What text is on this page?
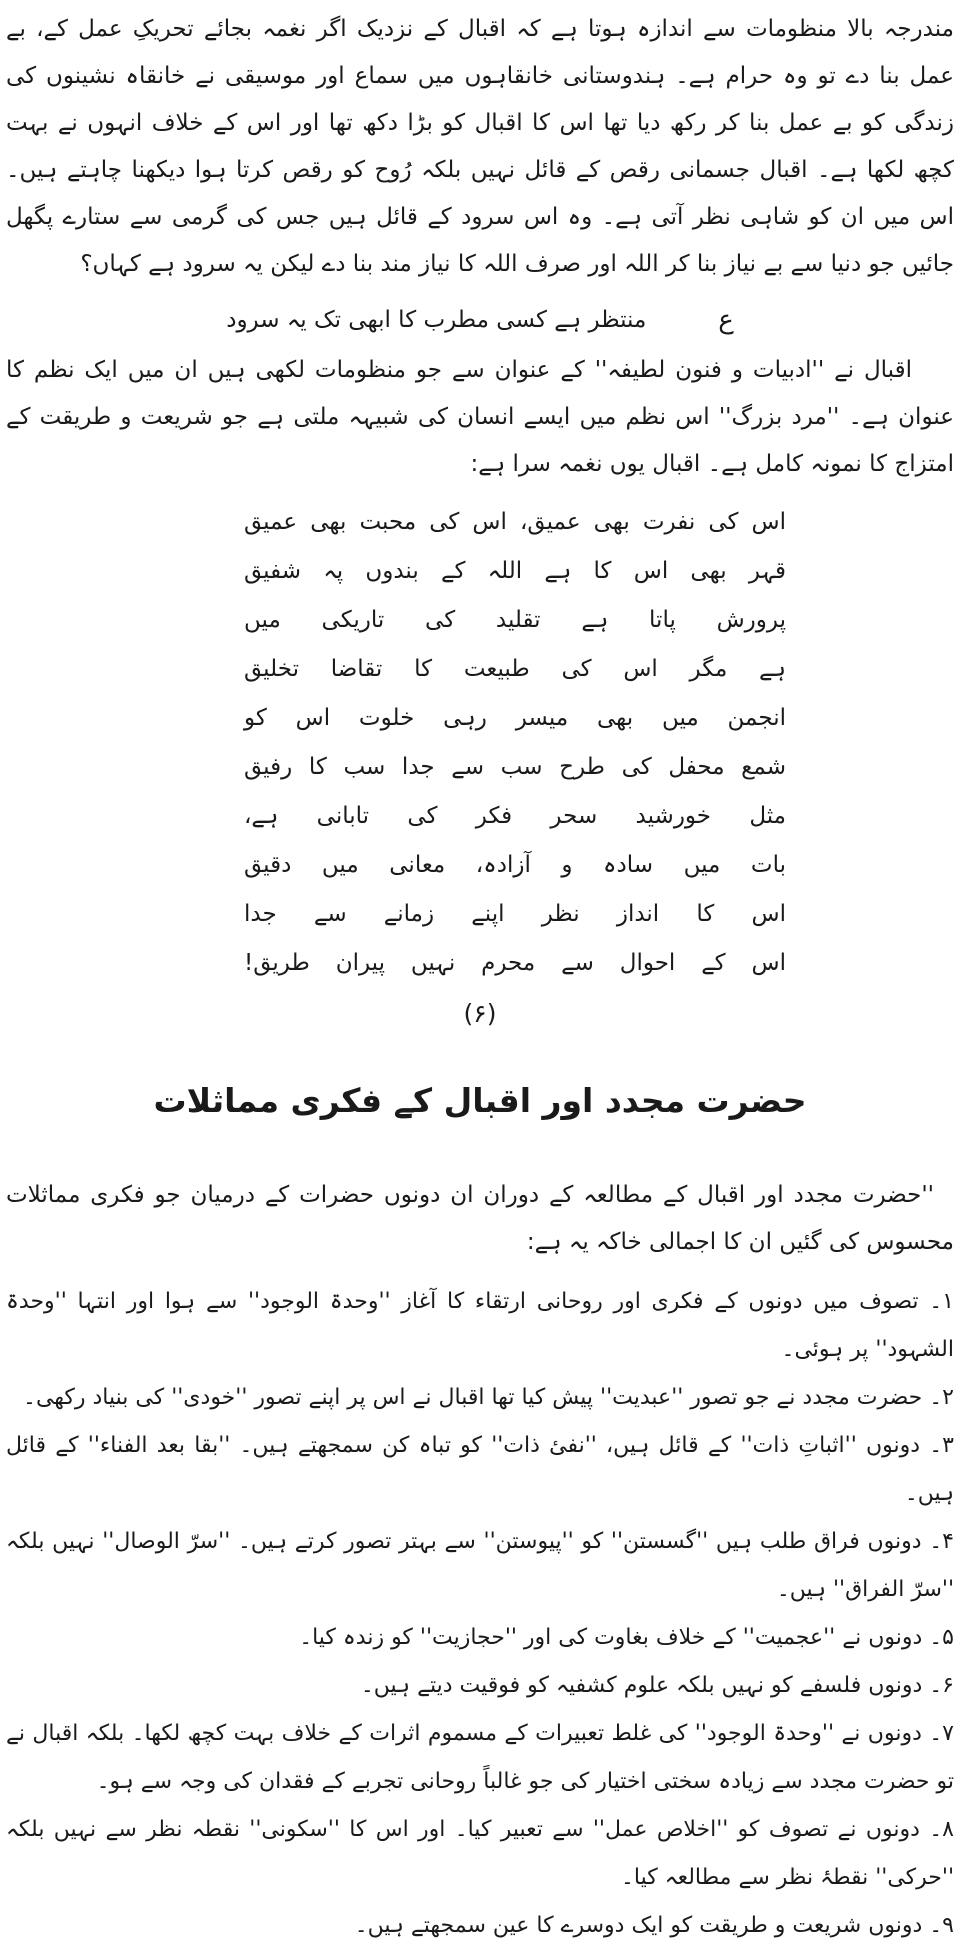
مندرجہ بالا منظومات سے اندازہ ہوتا ہے کہ اقبال کے نزدیک اگر نغمہ بجائے تحریکِ عمل کے، بے عمل بنا دے تو وہ حرام ہے۔ ہندوستانی خانقاہوں میں سماع اور موسیقی نے خانقاہ نشینوں کی زندگی کو بے عمل بنا کر رکھ دیا تھا اس کا اقبال کو بڑا دکھ تھا اور اس کے خلاف انہوں نے بہت کچھ لکھا ہے۔ اقبال جسمانی رقص کے قائل نہیں بلکہ رُوح کو رقص کرتا ہوا دیکھنا چاہتے ہیں۔ اس میں ان کو شاہی نظر آتی ہے۔ وہ اس سرود کے قائل ہیں جس کی گرمی سے ستارے پگھل جائیں جو دنیا سے بے نیاز بنا کر اللہ اور صرف اللہ کا نیاز مند بنا دے لیکن یہ سرود ہے کہاں؟

ع
منتظر ہے کسی مطرب کا ابھی تک یہ سرود

اقبال نے ''ادبیات و فنون لطیفہ'' کے عنوان سے جو منظومات لکھی ہیں ان میں ایک نظم کا عنوان ہے۔ ''مرد بزرگ'' اس نظم میں ایسے انسان کی شبیہہ ملتی ہے جو شریعت و طریقت کے امتزاج کا نمونہ کامل ہے۔ اقبال یوں نغمہ سرا ہے:

اس کی نفرت بھی عمیق، اس کی محبت بھی عمیق
قہر بھی اس کا ہے اللہ کے بندوں پہ شفیق
پرورش پاتا ہے تقلید کی تاریکی میں
ہے مگر اس کی طبیعت کا تقاضا تخلیق
انجمن میں بھی میسر رہی خلوت اس کو
شمع محفل کی طرح سب سے جدا سب کا رفیق
مثل خورشید سحر فکر کی تابانی ہے،
بات میں سادہ و آزادہ، معانی میں دقیق
اس کا انداز نظر اپنے زمانے سے جدا
اس کے احوال سے محرم نہیں پیران طریق!
(۶)
حضرت مجدد اور اقبال کے فکری مماثلات

''حضرت مجدد اور اقبال کے مطالعہ کے دوران ان دونوں حضرات کے درمیان جو فکری مماثلات محسوس کی گئیں ان کا اجمالی خاکہ یہ ہے:

۱۔ تصوف میں دونوں کے فکری اور روحانی ارتقاء کا آغاز ''وحدۃ الوجود'' سے ہوا اور انتہا ''وحدۃ الشہود'' پر ہوئی۔
۲۔ حضرت مجدد نے جو تصور ''عبدیت'' پیش کیا تھا اقبال نے اس پر اپنے تصور ''خودی'' کی بنیاد رکھی۔
۳۔ دونوں ''اثباتِ ذات'' کے قائل ہیں، ''نفیٔ ذات'' کو تباہ کن سمجھتے ہیں۔ ''بقا بعد الفناء'' کے قائل ہیں۔
۴۔ دونوں فراق طلب ہیں ''گسستن'' کو ''پیوستن'' سے بہتر تصور کرتے ہیں۔ ''سرّ الوصال'' نہیں بلکہ ''سرّ الفراق'' ہیں۔
۵۔ دونوں نے ''عجمیت'' کے خلاف بغاوت کی اور ''حجازیت'' کو زندہ کیا۔
۶۔ دونوں فلسفے کو نہیں بلکہ علوم کشفیہ کو فوقیت دیتے ہیں۔
۷۔ دونوں نے ''وحدۃ الوجود'' کی غلط تعبیرات کے مسموم اثرات کے خلاف بہت کچھ لکھا۔ بلکہ اقبال نے تو حضرت مجدد سے زیادہ سختی اختیار کی جو غالباً روحانی تجربے کے فقدان کی وجہ سے ہو۔
۸۔ دونوں نے تصوف کو ''اخلاص عمل'' سے تعبیر کیا۔ اور اس کا ''سکونی'' نقطہ نظر سے نہیں بلکہ ''حرکی'' نقطۂ نظر سے مطالعہ کیا۔
۹۔ دونوں شریعت و طریقت کو ایک دوسرے کا عین سمجھتے ہیں۔
